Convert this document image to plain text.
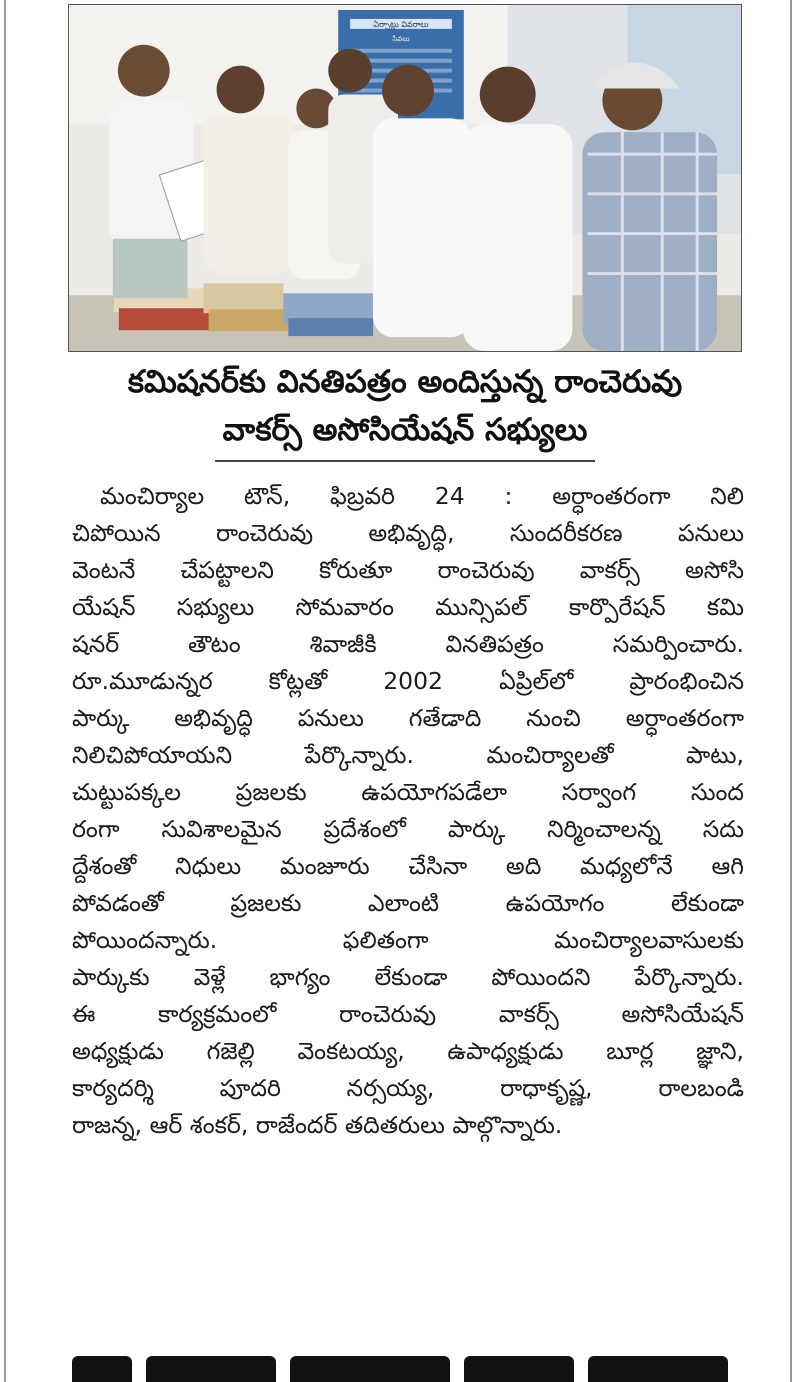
ఏర్పాట్లు వివరాలు
సేవలు
కమిషనర్‌కు వినతిపత్రం అందిస్తున్న రాంచెరువు
వాకర్స్ అసోసియేషన్ సభ్యులు
మంచిర్యాల టౌన్, ఫిబ్రవరి 24 : అర్ధాంతరంగా నిలి
చిపోయిన రాంచెరువు అభివృద్ధి, సుందరీకరణ పనులు
వెంటనే చేపట్టాలని కోరుతూ రాంచెరువు వాకర్స్ అసోసి
యేషన్ సభ్యులు సోమవారం మున్సిపల్ కార్పొరేషన్ కమి
షనర్ తౌటం శివాజీకి వినతిపత్రం సమర్పించారు.
రూ.మూడున్నర కోట్లతో 2002 ఏప్రిల్‌లో ప్రారంభించిన
పార్కు అభివృద్ధి పనులు గతేడాది నుంచి అర్ధాంతరంగా
నిలిచిపోయాయని పేర్కొన్నారు. మంచిర్యాలతో పాటు,
చుట్టుపక్కల ప్రజలకు ఉపయోగపడేలా సర్వాంగ సుంద
రంగా సువిశాలమైన ప్రదేశంలో పార్కు నిర్మించాలన్న సదు
ద్దేశంతో నిధులు మంజూరు చేసినా అది మధ్యలోనే ఆగి
పోవడంతో ప్రజలకు ఎలాంటి ఉపయోగం లేకుండా
పోయిందన్నారు. ఫలితంగా మంచిర్యాలవాసులకు
పార్కుకు వెళ్లే భాగ్యం లేకుండా పోయిందని పేర్కొన్నారు.
ఈ కార్యక్రమంలో రాంచెరువు వాకర్స్ అసోసియేషన్
అధ్యక్షుడు గజెల్లి వెంకటయ్య, ఉపాధ్యక్షుడు బూర్ల జ్ఞాని,
కార్యదర్శి పూదరి నర్సయ్య, రాధాకృష్ణ, రాలబండి
రాజన్న, ఆర్ శంకర్, రాజేందర్ తదితరులు పాల్గొన్నారు.
